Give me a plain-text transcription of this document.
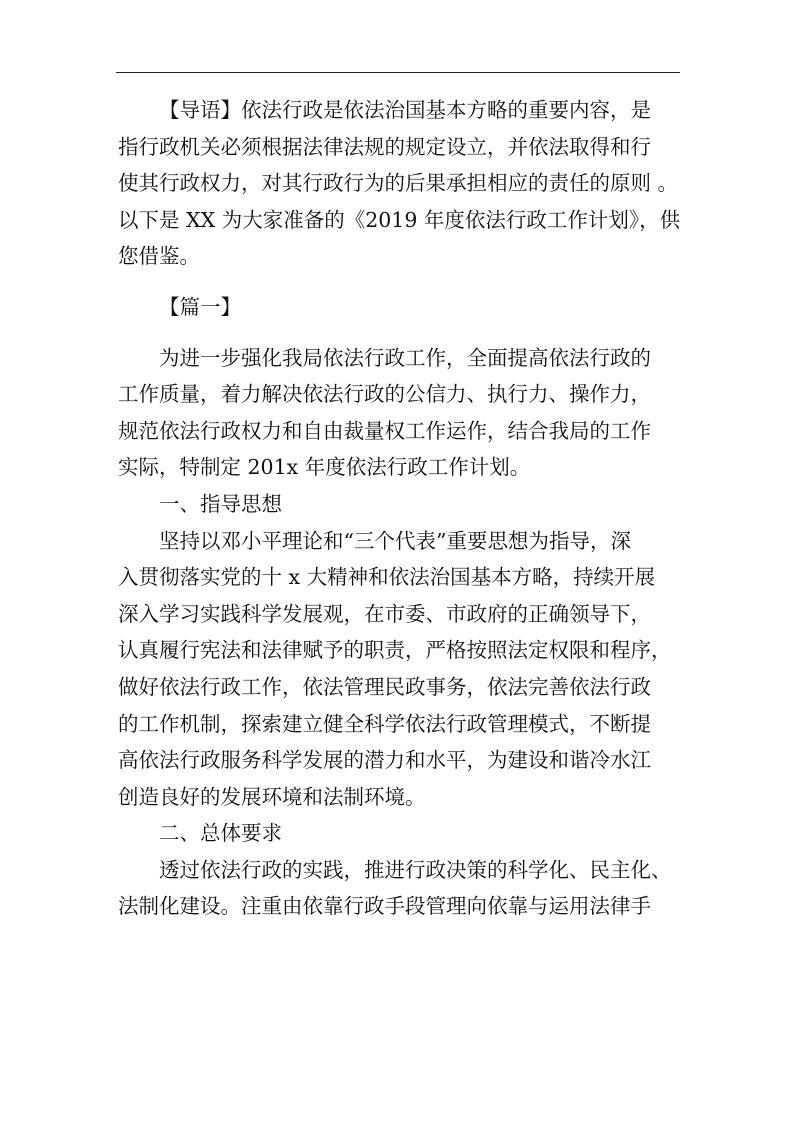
【导语】依法行政是依法治国基本方略的重要内容，是
指行政机关必须根据法律法规的规定设立，并依法取得和行
使其行政权力，对其行政行为的后果承担相应的责任的原则 。
以下是 XX 为大家准备的《2019 年度依法行政工作计划》，供
您借鉴。
【篇一】
为进一步强化我局依法行政工作，全面提高依法行政的
工作质量，着力解决依法行政的公信力、执行力、操作力，
规范依法行政权力和自由裁量权工作运作，结合我局的工作
实际，特制定 201x 年度依法行政工作计划。
一、指导思想
坚持以邓小平理论和“三个代表”重要思想为指导，深
入贯彻落实党的十 x 大精神和依法治国基本方略，持续开展
深入学习实践科学发展观，在市委、市政府的正确领导下，
认真履行宪法和法律赋予的职责，严格按照法定权限和程序，
做好依法行政工作，依法管理民政事务，依法完善依法行政
的工作机制，探索建立健全科学依法行政管理模式，不断提
高依法行政服务科学发展的潜力和水平，为建设和谐冷水江
创造良好的发展环境和法制环境。
二、总体要求
透过依法行政的实践，推进行政决策的科学化、民主化、
法制化建设。注重由依靠行政手段管理向依靠与运用法律手
